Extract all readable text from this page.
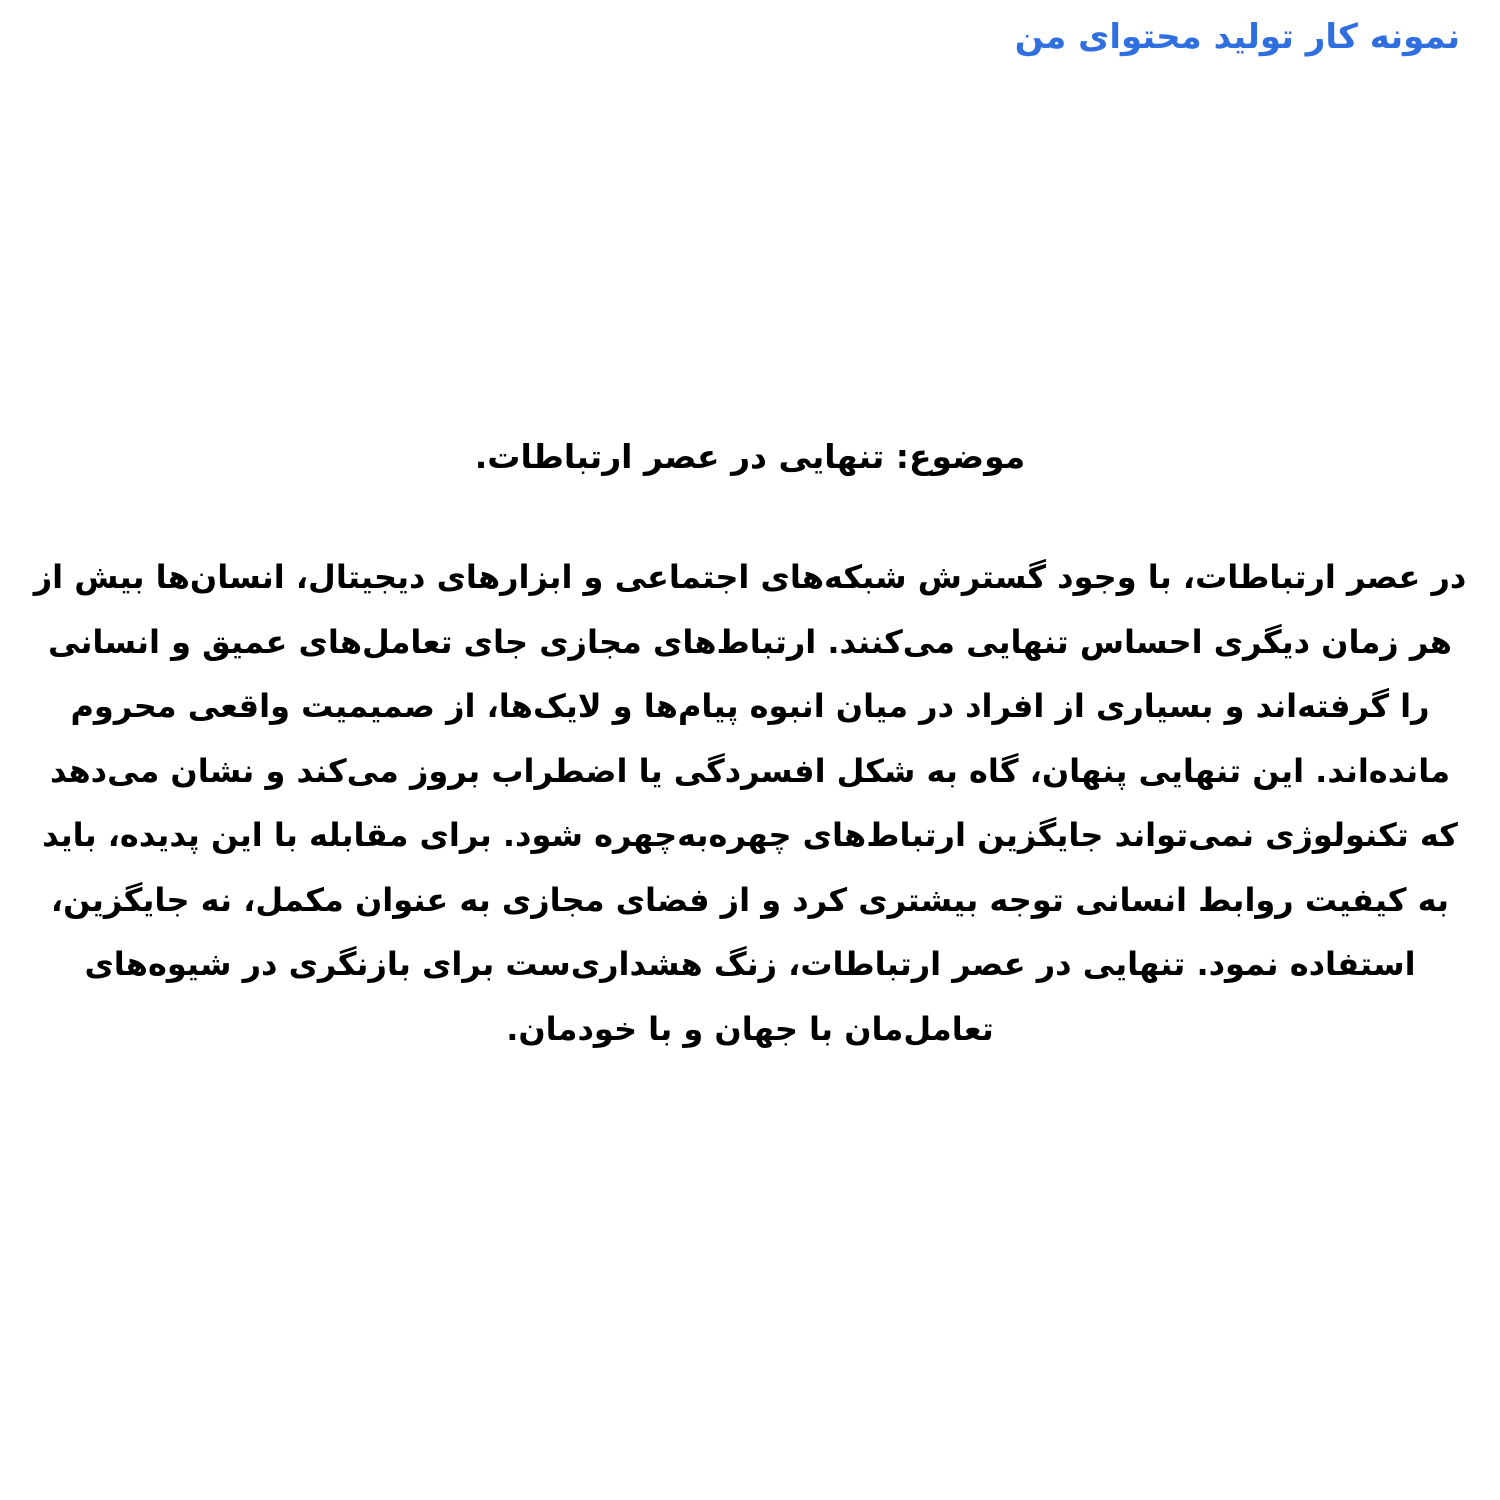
نمونه کار تولید محتوای من
موضوع: تنهایی در عصر ارتباطات.

در عصر ارتباطات، با وجود گسترش شبکه‌های اجتماعی و ابزارهای دیجیتال، انسان‌ها بیش از هر زمان دیگری احساس تنهایی می‌کنند. ارتباط‌های مجازی جای تعامل‌های عمیق و انسانی را گرفته‌اند و بسیاری از افراد در میان انبوه پیام‌ها و لایک‌ها، از صمیمیت واقعی محروم مانده‌اند. این تنهایی پنهان، گاه به شکل افسردگی یا اضطراب بروز می‌کند و نشان می‌دهد که تکنولوژی نمی‌تواند جایگزین ارتباط‌های چهره‌به‌چهره شود. برای مقابله با این پدیده، باید به کیفیت روابط انسانی توجه بیشتری کرد و از فضای مجازی به عنوان مکمل، نه جایگزین، استفاده نمود. تنهایی در عصر ارتباطات، زنگ هشداری‌ست برای بازنگری در شیوه‌های تعامل‌مان با جهان و با خودمان.
